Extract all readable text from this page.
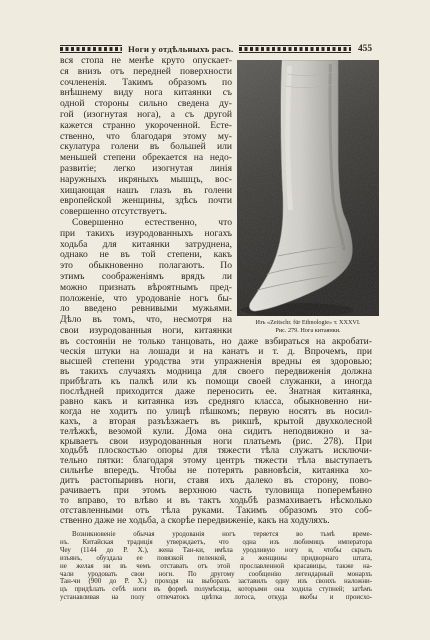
Ноги у отдѣльныхъ расъ.	455
вся стопа не менѣе круто опускает-
ся внизъ отъ передней поверхности
сочлененія. Такимъ образомъ по
внѣшнему виду нога китаянки съ
одной стороны сильно сведена ду-
гой (изогнутая нога), а съ другой
кажется странно укороченной. Есте-
ственно, что благодаря этому му-
скулатура голени въ большей или
меньшей степени обрекается на недо-
развитіе; легко изогнутая линія
наружныхъ икряныхъ мышцъ, вос-
хищающая нашъ глазъ въ голени
европейской женщины, здѣсь почти
совершенно отсутствуетъ.
Совершенно естественно, что
при такихъ изуродованныхъ ногахъ
ходьба для китаянки затруднена,
однако не въ той степени, какъ
это обыкновенно полагаютъ. По
этимъ соображеніямъ врядъ ли
можно признать вѣроятнымъ пред-
положеніе, что уродованіе ногъ бы-
ло введено ревнивыми мужьями.
Дѣло въ томъ, что, несмотря на
свои изуродованныя ноги, китаянки
Изъ «Zeitschr. für Ethnologie» т. XXXVI.
Рис. 279. Нога китаянки.
въ состояніи не только танцовать, но даже взбираться на акробати-
ческія штуки на лошади и на канатъ и т. д. Впрочемъ, при
высшей степени уродства эти упражненія вредны ея здоровью;
въ такихъ случаяхъ модница для своего передвиженія должна
прибѣгать къ палкѣ или къ помощи своей служанки, а иногда
послѣдней приходится даже переносить ее. Знатная китаянка,
равно какъ и китаянка изъ средняго класса, обыкновенно ни-
когда не ходитъ по улицѣ пѣшкомъ; первую носятъ въ носил-
кахъ, а вторая разъѣзжаетъ въ рикшѣ, крытой двухколесной
телѣжкѣ, везомой кули. Дома она сидитъ неподвижно и за-
крываетъ свои изуродованныя ноги платьемъ (рис. 278). При
ходьбѣ плоскостью опоры для тяжести тѣла служатъ исключи-
тельно пятки: благодаря этому центръ тяжести тѣла выступаетъ
сильнѣе впередъ. Чтобы не потерять равновѣсія, китаянка хо-
дитъ растопыривъ ноги, ставя ихъ далеко въ сторону, пово-
рачиваетъ при этомъ верхнюю часть туловища поперемѣнно
то вправо, то влѣво и въ тактъ ходьбѣ размахиваетъ нѣсколько
отставленными отъ тѣла руками. Такимъ образомъ это соб-
ственно даже не ходьба, а скорѣе передвиженіе, какъ на ходуляхъ.
Возникновеніе обычая уродованія ногъ теряется во тьмѣ време-
нъ. Китайская традиція утверждаетъ, что одна изъ любимицъ императора
Чеу (1144 до Р. Х.), жена Тан-ки, имѣла уродливую ногу и, чтобы скрыть
изъянъ, обуздала ее повязкой пеленкой, а женщины придворнаго штата,
не желая ни въ чемъ отставать отъ этой прославленной красавицы, также на-
чали уродовать свои ноги. По другому сообщенію легендарный монархъ
Тан-чи (900 до Р. Х.) проходя на выборахъ заставилъ одну изъ своихъ наложни-
цъ придѣлать себѣ ноги въ формѣ полумѣсяца, которыми она ходила ступней; затѣмъ
устанавливая на полу отпечатокъ цвѣтка лотоса, откуда якобы и происхо-
